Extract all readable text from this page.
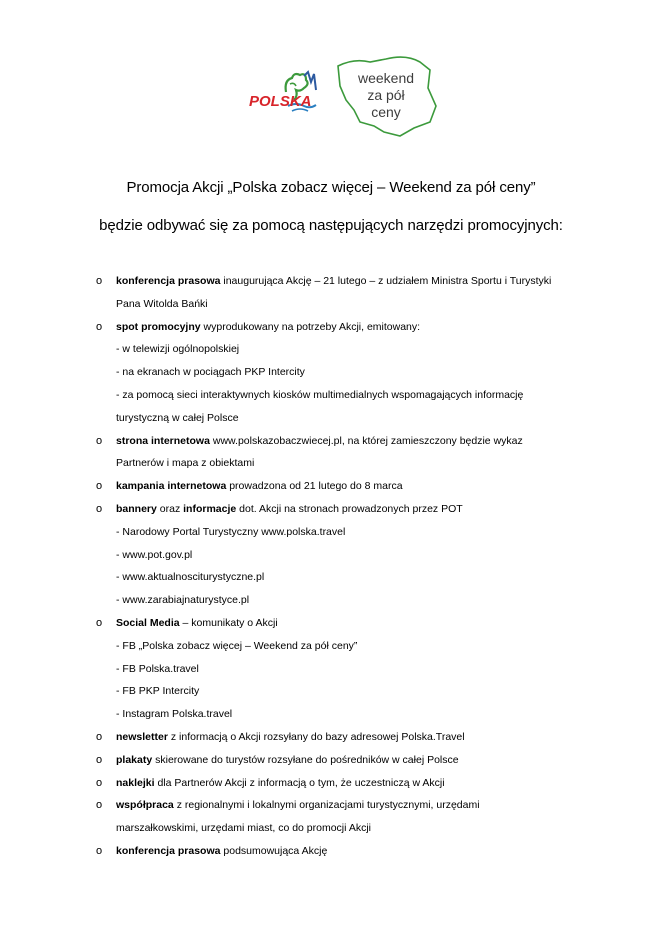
POLSKA
weekend
za pół
ceny
Promocja Akcji „Polska zobacz więcej – Weekend za pół ceny”
będzie odbywać się za pomocą następujących narzędzi promocyjnych:
o konferencja prasowa inaugurująca Akcję – 21 lutego – z udziałem Ministra Sportu i Turystyki
Pana Witolda Bańki
o spot promocyjny wyprodukowany na potrzeby Akcji, emitowany:
- w telewizji ogólnopolskiej
- na ekranach w pociągach PKP Intercity
- za pomocą sieci interaktywnych kiosków multimedialnych wspomagających informację
turystyczną w całej Polsce
o strona internetowa www.polskazobaczwiecej.pl, na której zamieszczony będzie wykaz
Partnerów i mapa z obiektami
o kampania internetowa prowadzona od 21 lutego do 8 marca
o bannery oraz informacje dot. Akcji na stronach prowadzonych przez POT
- Narodowy Portal Turystyczny www.polska.travel
- www.pot.gov.pl
- www.aktualnosciturystyczne.pl
- www.zarabiajnaturystyce.pl
o Social Media – komunikaty o Akcji
- FB „Polska zobacz więcej – Weekend za pół ceny”
- FB Polska.travel
- FB PKP Intercity
- Instagram Polska.travel
o newsletter z informacją o Akcji rozsyłany do bazy adresowej Polska.Travel
o plakaty skierowane do turystów rozsyłane do pośredników w całej Polsce
o naklejki dla Partnerów Akcji z informacją o tym, że uczestniczą w Akcji
o współpraca z regionalnymi i lokalnymi organizacjami turystycznymi, urzędami
marszałkowskimi, urzędami miast, co do promocji Akcji
o konferencja prasowa podsumowująca Akcję
